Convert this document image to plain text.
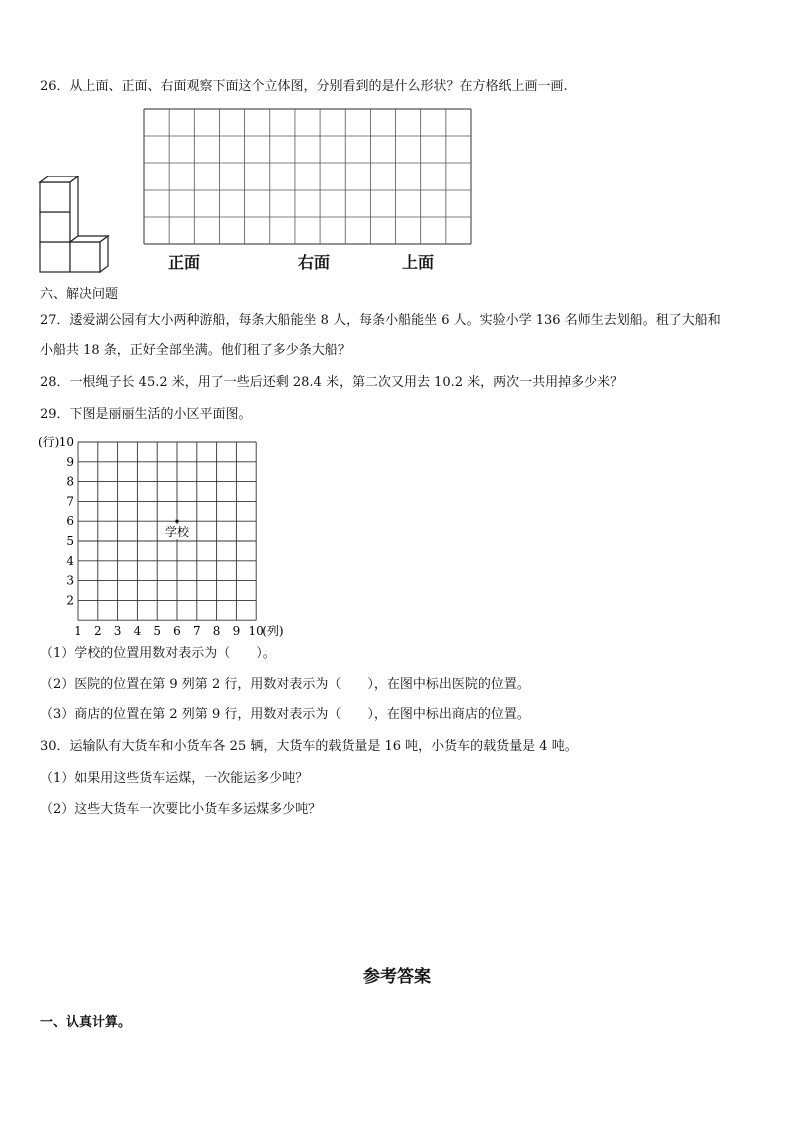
26．从上面、正面、右面观察下面这个立体图，分别看到的是什么形状？在方格纸上画一画.
正面	右面	上面
六、解决问题
27．逶爱湖公园有大小两种游船，每条大船能坐 8 人，每条小船能坐 6 人。实验小学 136 名师生去划船。租了大船和
小船共 18 条，正好全部坐满。他们租了多少条大船？
28．一根绳子长 45.2 米，用了一些后还剩 28.4 米，第二次又用去 10.2 米，两次一共用掉多少米？
29．下图是丽丽生活的小区平面图。
(行) 10
9
8
7
6
5
4
3
2
1 2 3 4 5 6 7 8 9 10
(列)
学校
（1）学校的位置用数对表示为（　　）。
（2）医院的位置在第 9 列第 2 行，用数对表示为（　　），在图中标出医院的位置。
（3）商店的位置在第 2 列第 9 行，用数对表示为（　　），在图中标出商店的位置。
30．运输队有大货车和小货车各 25 辆，大货车的载货量是 16 吨，小货车的载货量是 4 吨。
（1）如果用这些货车运煤，一次能运多少吨？
（2）这些大货车一次要比小货车多运煤多少吨？
参考答案
一、认真计算。
